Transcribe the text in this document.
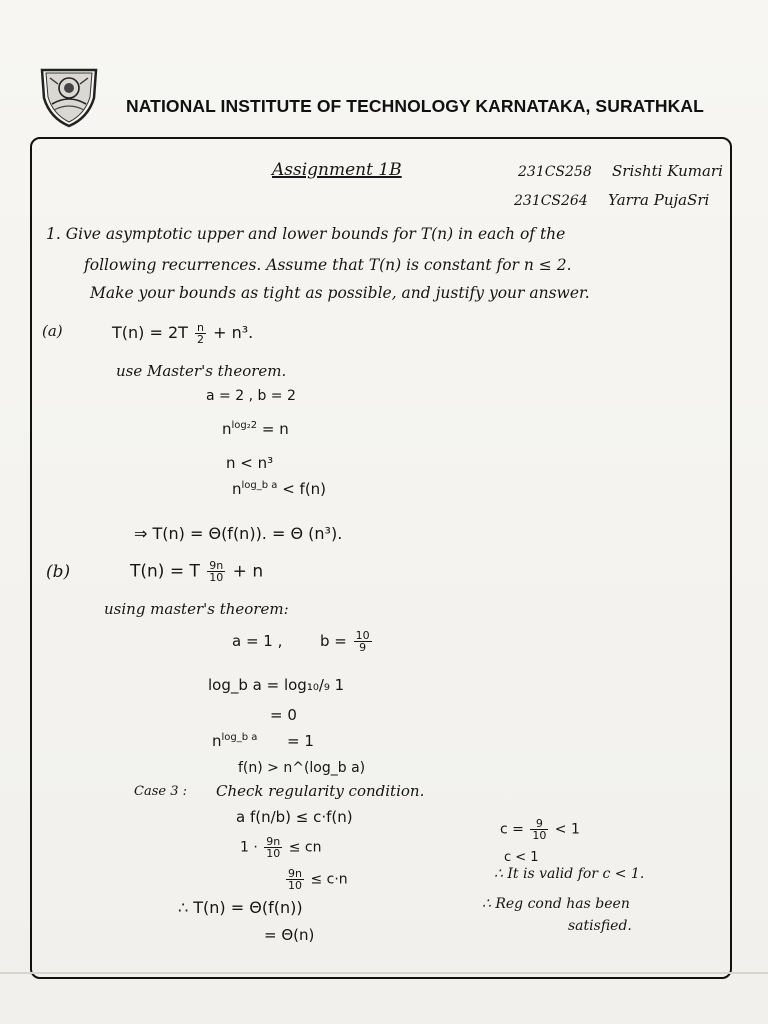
NATIONAL INSTITUTE OF TECHNOLOGY KARNATAKA, SURATHKAL
Assignment 1B	231CS258 Srishti Kumari
231CS264 Yarra PujaSri
1. Give asymptotic upper and lower bounds for T(n) in each of the
following recurrences. Assume that T(n) is constant for n ≤ 2.
Make your bounds as tight as possible, and justify your answer.
(a)	$T(n) = 2T \frac{n}{2} + n^3$.
use Master's theorem.
a = 2 , b = 2
$n^{log_22} = n$
n < n³
$n^{log\_b a} < f(n)$
⇒ T(n) = Θ(f(n)). = Θ (n³).
(b)	T(n) = T $\frac{9n}{10} + n$
using master's theorem:
a = 1 ,	$b = \frac{10}{9}$
log_b a = log₁₀/₉ 1
= 0
$n^{log\_b a} = 1$
f(n) > n^(log_b a)
Case 3 : Check regularity condition.
a f(n/b) ≤ c·f(n)
$1 \cdot \frac{9n}{10}$ ≤ cn
$\frac{9n}{10} \le c\cdot n$
$c = \frac{9}{10} < 1$
c < 1
∴ It is valid for c < 1.
∴ Reg cond has been
satisfied.
∴ T(n) = Θ(f(n))
= Θ(n)
